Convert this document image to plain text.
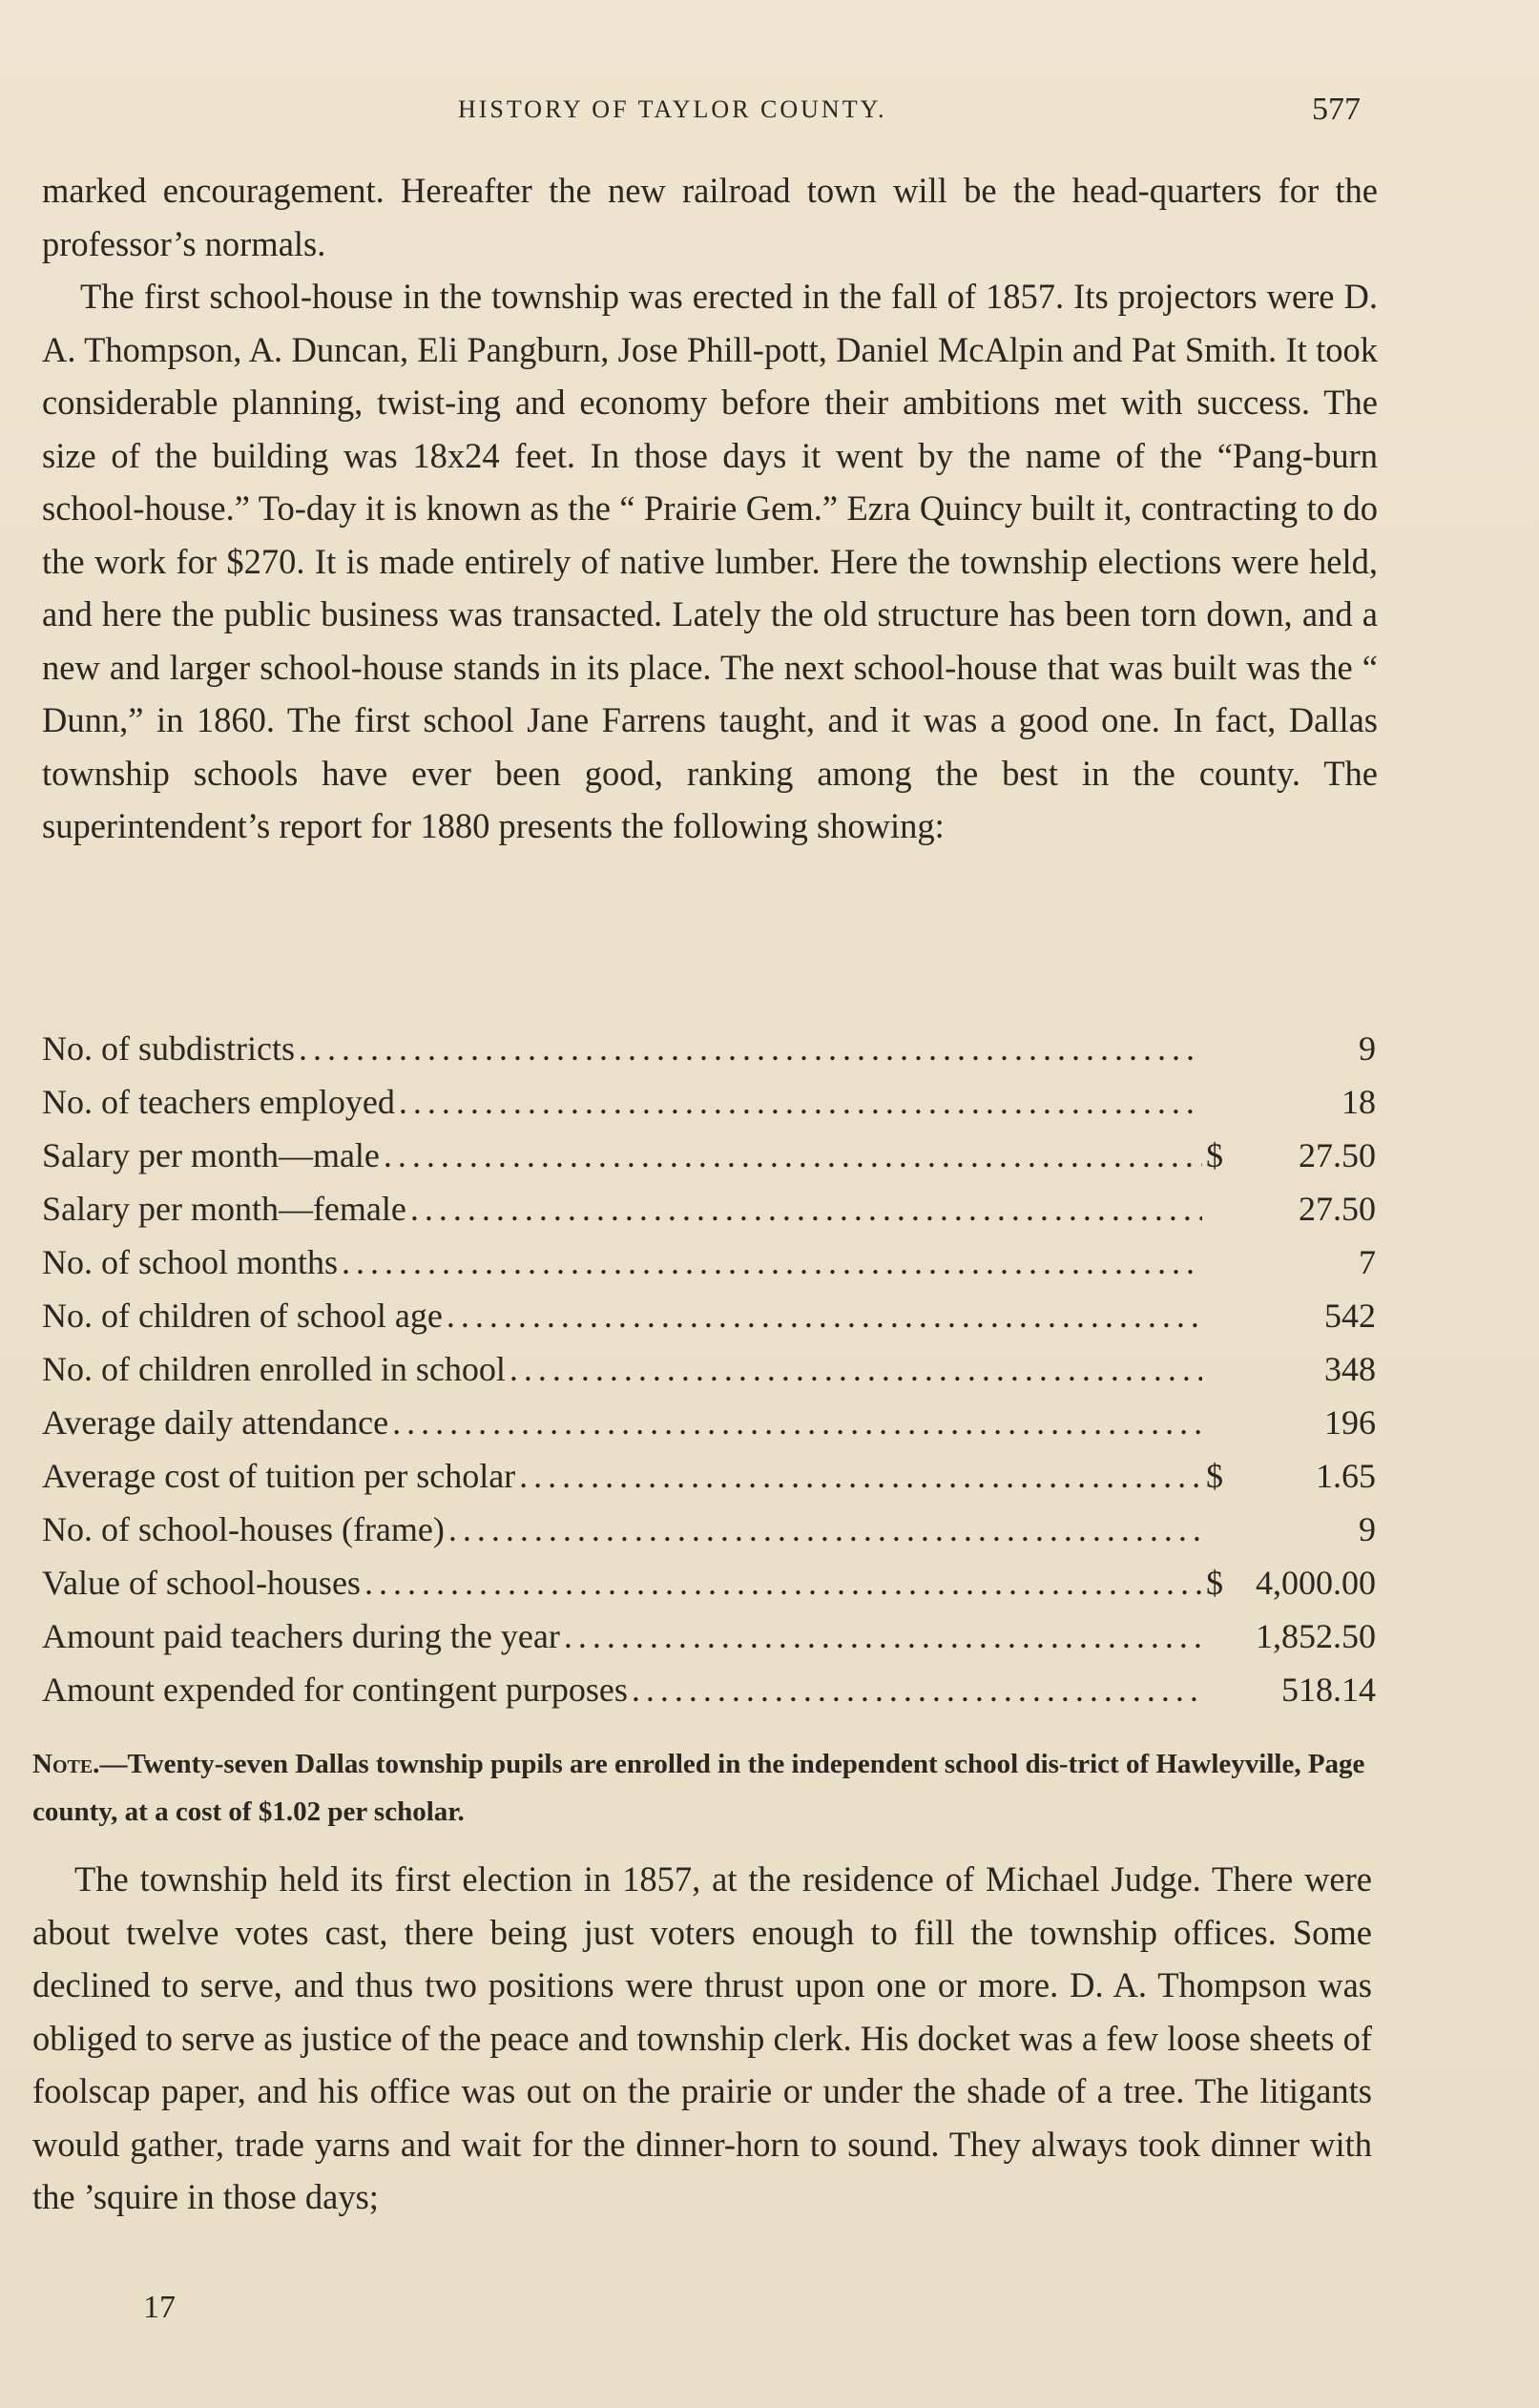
HISTORY OF TAYLOR COUNTY.	577

marked encouragement. Hereafter the new railroad town will be the head-quarters for the professor’s normals.

The first school-house in the township was erected in the fall of 1857. Its projectors were D. A. Thompson, A. Duncan, Eli Pangburn, Jose Phill-pott, Daniel McAlpin and Pat Smith. It took considerable planning, twist-ing and economy before their ambitions met with success. The size of the building was 18x24 feet. In those days it went by the name of the “Pang-burn school-house.” To-day it is known as the “ Prairie Gem.” Ezra Quincy built it, contracting to do the work for $270. It is made entirely of native lumber. Here the township elections were held, and here the public business was transacted. Lately the old structure has been torn down, and a new and larger school-house stands in its place. The next school-house that was built was the “ Dunn,” in 1860. The first school Jane Farrens taught, and it was a good one. In fact, Dallas township schools have ever been good, ranking among the best in the county. The superintendent’s report for 1880 presents the following showing:

No. of subdistricts .....	9
No. of teachers employed .....	18
Salary per month—male .....	$	27.50
Salary per month—female .....	27.50
No. of school months .....	7
No. of children of school age .....	542
No. of children enrolled in school .....	348
Average daily attendance .....	196
Average cost of tuition per scholar .....	$	1.65
No. of school-houses (frame) .....	9
Value of school-houses .....	$ 4,000.00
Amount paid teachers during the year .....	1,852.50
Amount expended for contingent purposes .....	518.14
Note.—Twenty-seven Dallas township pupils are enrolled in the independent school dis-trict of Hawleyville, Page county, at a cost of $1.02 per scholar.

The township held its first election in 1857, at the residence of Michael Judge. There were about twelve votes cast, there being just voters enough to fill the township offices. Some declined to serve, and thus two positions were thrust upon one or more. D. A. Thompson was obliged to serve as justice of the peace and township clerk. His docket was a few loose sheets of foolscap paper, and his office was out on the prairie or under the shade of a tree. The litigants would gather, trade yarns and wait for the dinner-horn to sound. They always took dinner with the ’squire in those days;

17
